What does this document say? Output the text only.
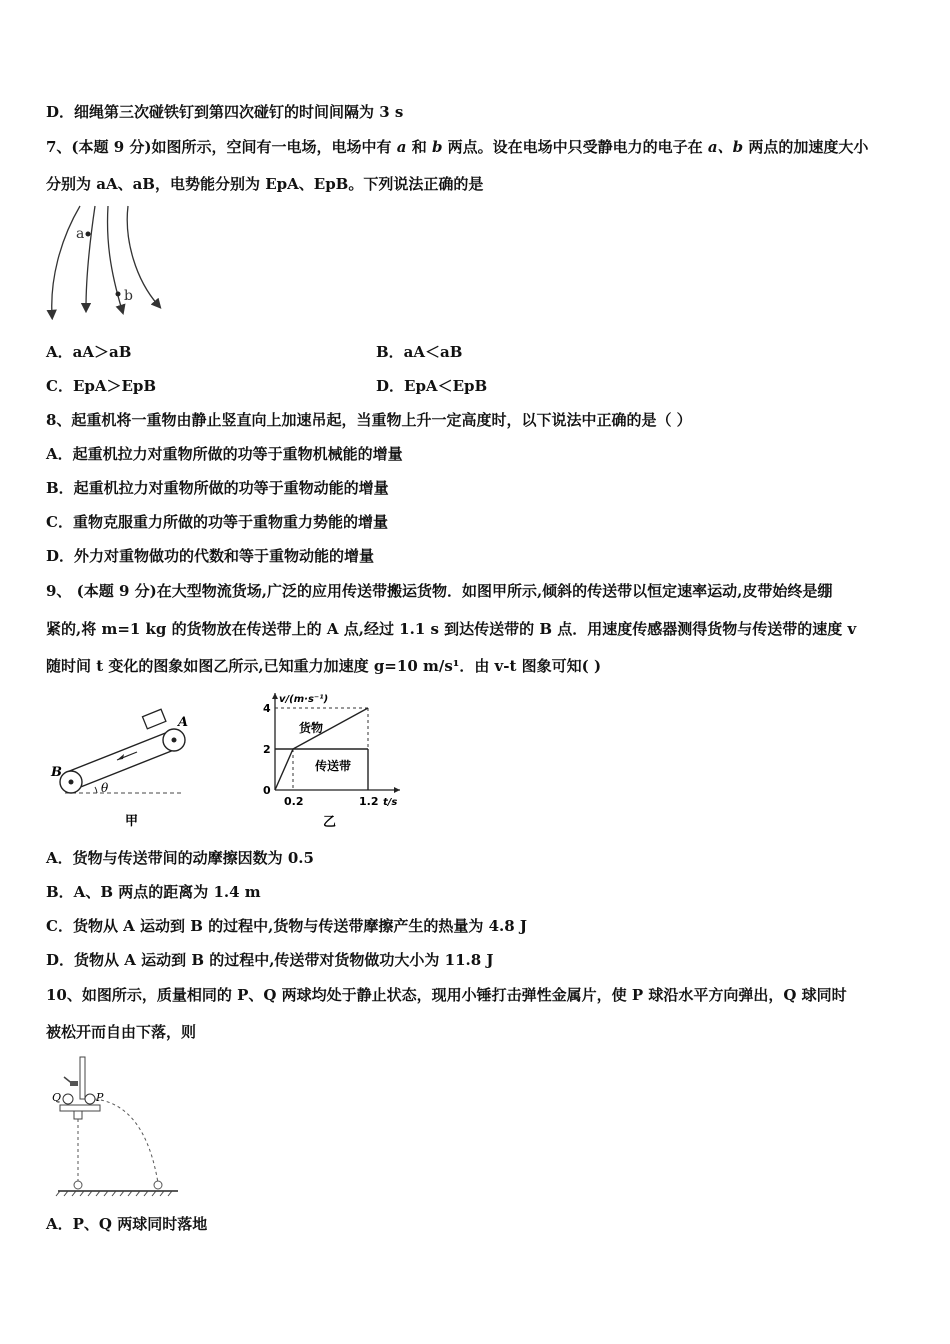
D．细绳第三次碰铁钉到第四次碰钉的时间间隔为 3 s
7、(本题 9 分)如图所示，空间有一电场，电场中有 a 和 b 两点。设在电场中只受静电力的电子在 a、b 两点的加速度大小
分别为 aA、aB，电势能分别为 EpA、EpB。下列说法正确的是
a
b
A．aA＞aB	B．aA＜aB
C．EpA＞EpB	D．EpA＜EpB
8、起重机将一重物由静止竖直向上加速吊起，当重物上升一定高度时，以下说法中正确的是（ ）
A．起重机拉力对重物所做的功等于重物机械能的增量
B．起重机拉力对重物所做的功等于重物动能的增量
C．重物克服重力所做的功等于重物重力势能的增量
D．外力对重物做功的代数和等于重物动能的增量
9、 (本题 9 分)在大型物流货场,广泛的应用传送带搬运货物．如图甲所示,倾斜的传送带以恒定速率运动,皮带始终是绷
紧的,将 m=1 kg 的货物放在传送带上的 A 点,经过 1.1 s 到达传送带的 B 点．用速度传感器测得货物与传送带的速度 v
随时间 t 变化的图象如图乙所示,已知重力加速度 g=10 m/s¹．由 v-t 图象可知( )
θ
A
B
甲
v/(m·s⁻¹)
t/s
4
2
0
0.2	1.2
货物
传送带
乙
A．货物与传送带间的动摩擦因数为 0.5
B．A、B 两点的距离为 1.4 m
C．货物从 A 运动到 B 的过程中,货物与传送带摩擦产生的热量为 4.8 J
D．货物从 A 运动到 B 的过程中,传送带对货物做功大小为 11.8 J
10、如图所示，质量相同的 P、Q 两球均处于静止状态，现用小锤打击弹性金属片，使 P 球沿水平方向弹出，Q 球同时
被松开而自由下落，则
Q	P
A．P、Q 两球同时落地
